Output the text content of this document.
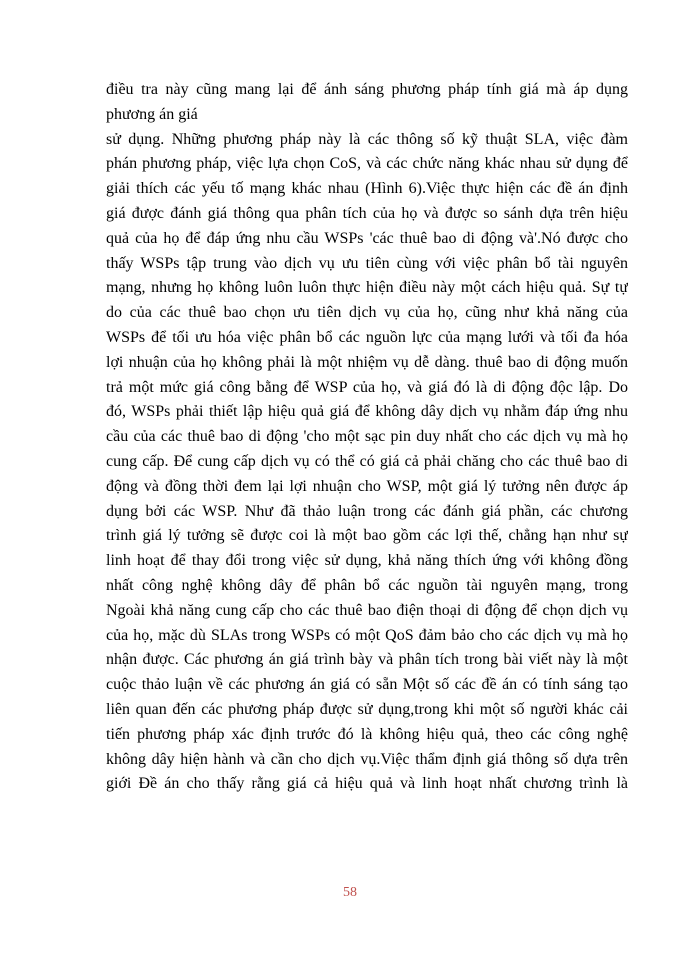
điều tra này cũng mang lại để ánh sáng phương pháp tính giá mà áp dụng
phương án giá
sử dụng. Những phương pháp này là các thông số kỹ thuật SLA, việc đàm
phán phương pháp, việc lựa chọn CoS, và các chức năng khác nhau sử dụng để
giải thích các yếu tố mạng khác nhau (Hình 6).Việc thực hiện các đề án định
giá được đánh giá thông qua phân tích của họ và được so sánh dựa trên hiệu
quả của họ để đáp ứng nhu cầu WSPs 'các thuê bao di động và'.Nó được cho
thấy WSPs tập trung vào dịch vụ ưu tiên cùng với việc phân bổ tài nguyên
mạng, nhưng họ không luôn luôn thực hiện điều này một cách hiệu quả. Sự tự
do của các thuê bao chọn ưu tiên dịch vụ của họ, cũng như khả năng của
WSPs để tối ưu hóa việc phân bổ các nguồn lực của mạng lưới và tối đa hóa
lợi nhuận của họ không phải là một nhiệm vụ dễ dàng. thuê bao di động muốn
trả một mức giá công bằng để WSP của họ, và giá đó là di động độc lập. Do
đó, WSPs phải thiết lập hiệu quả giá để không dây dịch vụ nhằm đáp ứng nhu
cầu của các thuê bao di động 'cho một sạc pin duy nhất cho các dịch vụ mà họ
cung cấp. Để cung cấp dịch vụ có thể có giá cả phải chăng cho các thuê bao di
động và đồng thời đem lại lợi nhuận cho WSP, một giá lý tưởng nên được áp
dụng bởi các WSP. Như đã thảo luận trong các đánh giá phần, các chương
trình giá lý tưởng sẽ được coi là một bao gồm các lợi thế, chẳng hạn như sự
linh hoạt để thay đổi trong việc sử dụng, khả năng thích ứng với không đồng
nhất công nghệ không dây để phân bổ các nguồn tài nguyên mạng, trong
Ngoài khả năng cung cấp cho các thuê bao điện thoại di động để chọn dịch vụ
của họ, mặc dù SLAs trong WSPs có một QoS đảm bảo cho các dịch vụ mà họ
nhận được. Các phương án giá trình bày và phân tích trong bài viết này là một
cuộc thảo luận về các phương án giá có sẵn Một số các đề án có tính sáng tạo
liên quan đến các phương pháp được sử dụng,trong khi một số người khác cải
tiến phương pháp xác định trước đó là không hiệu quả, theo các công nghệ
không dây hiện hành và cần cho dịch vụ.Việc thẩm định giá thông số dựa trên
giới Đề án cho thấy rằng giá cả hiệu quả và linh hoạt nhất chương trình là
58
